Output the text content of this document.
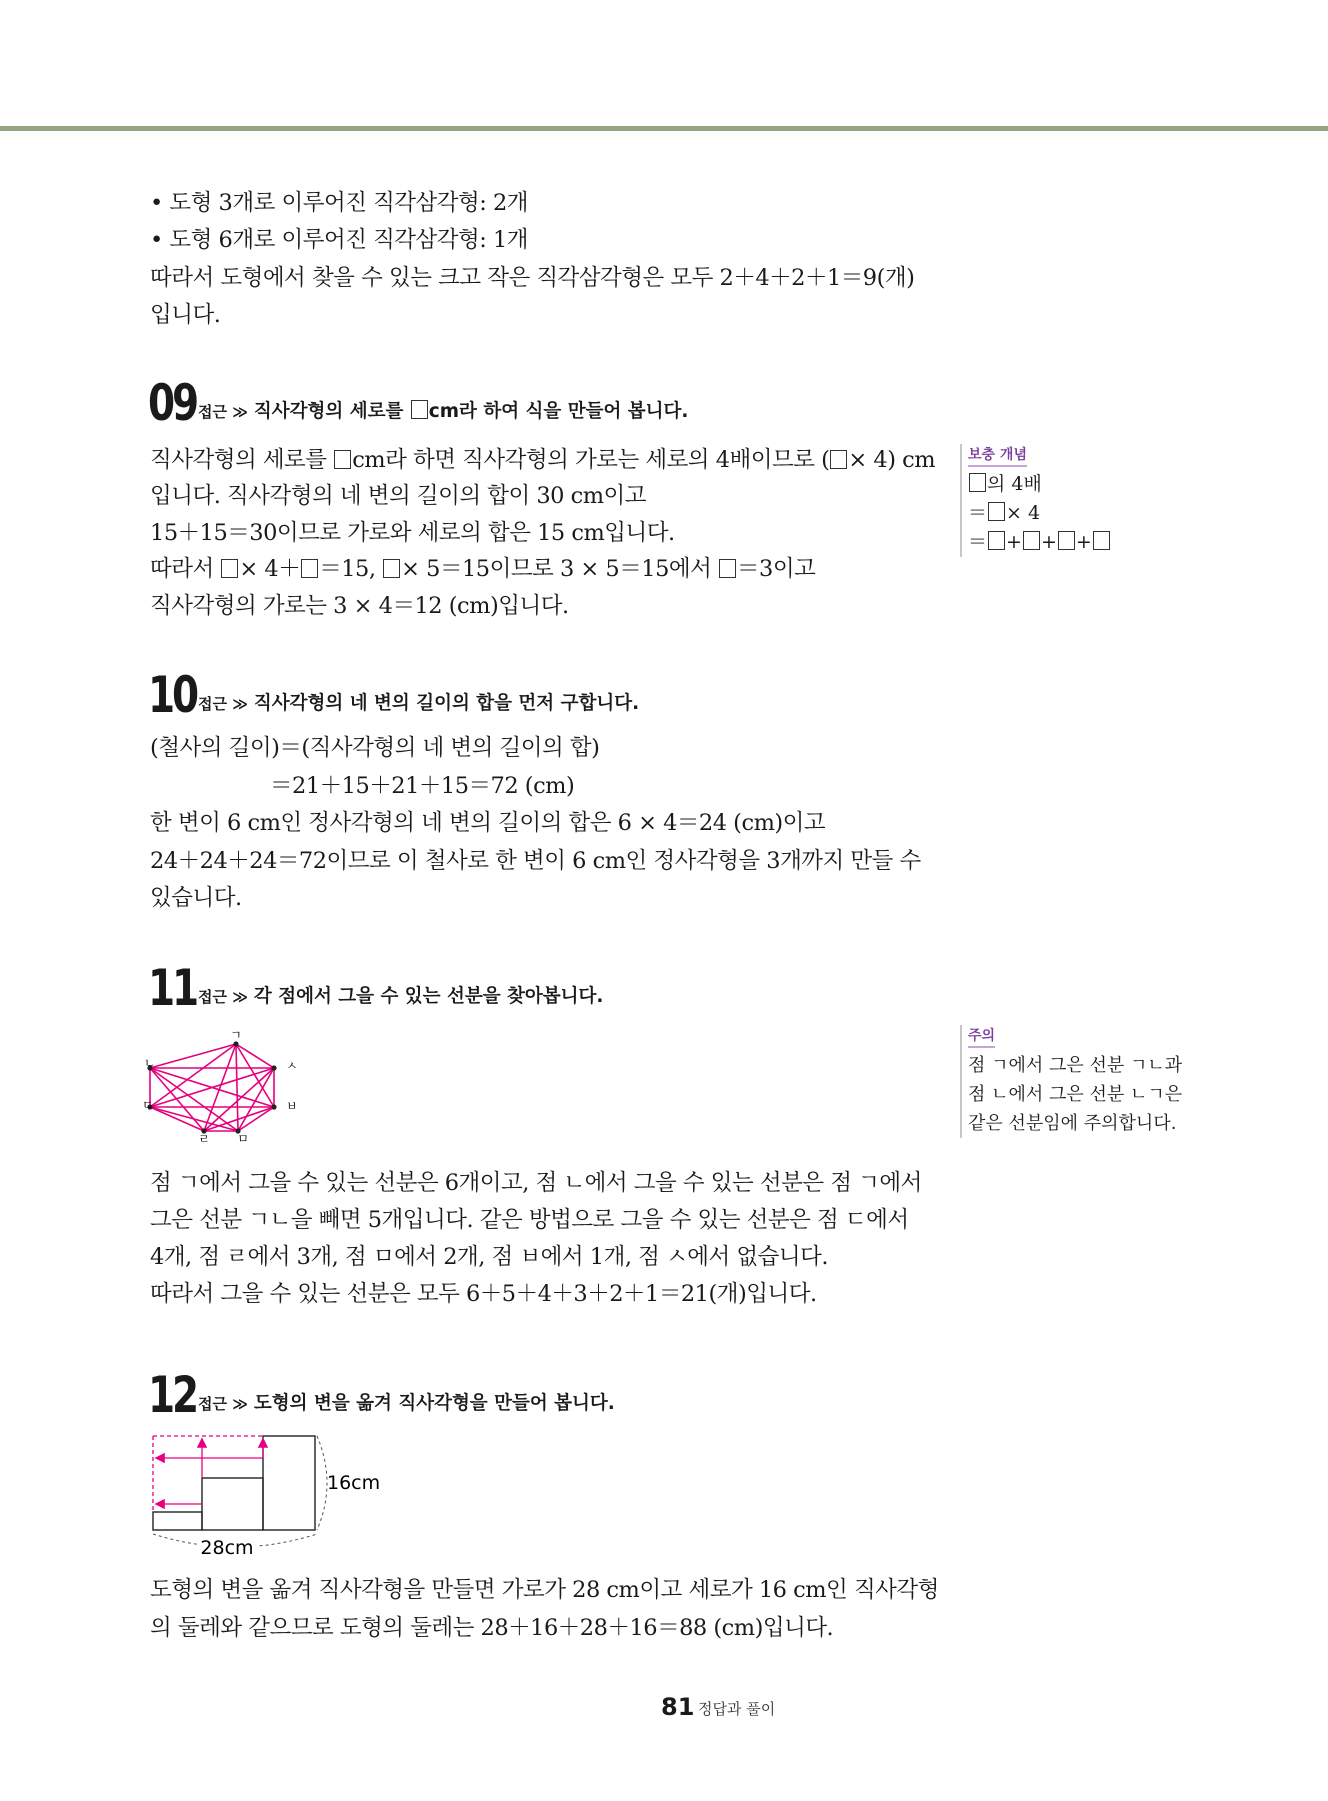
• 도형 3개로 이루어진 직각삼각형: 2개
• 도형 6개로 이루어진 직각삼각형: 1개
따라서 도형에서 찾을 수 있는 크고 작은 직각삼각형은 모두 2＋4＋2＋1＝9(개)
입니다.
09 접근 ≫ 직사각형의 세로를 cm라 하여 식을 만들어 봅니다.
직사각형의 세로를 cm라 하면 직사각형의 가로는 세로의 4배이므로 ( × 4) cm
입니다. 직사각형의 네 변의 길이의 합이 30 cm이고
15＋15＝30이므로 가로와 세로의 합은 15 cm입니다.
따라서 × 4＋ ＝15, × 5＝15이므로 3 × 5＝15에서 ＝3이고
직사각형의 가로는 3 × 4＝12 (cm)입니다.
보충 개념
의 4배
＝ × 4
＝ + + +
10 접근 ≫ 직사각형의 네 변의 길이의 합을 먼저 구합니다.
(철사의 길이)＝(직사각형의 네 변의 길이의 합)
＝21＋15＋21＋15＝72 (cm)
한 변이 6 cm인 정사각형의 네 변의 길이의 합은 6 × 4＝24 (cm)이고
24＋24＋24＝72이므로 이 철사로 한 변이 6 cm인 정사각형을 3개까지 만들 수
있습니다.
11 접근 ≫ 각 점에서 그을 수 있는 선분을 찾아봅니다.
ㄱ
ㄴ
ㄷ
ㄹ ㅁ
ㅂ
ㅅ
주의
점 ㄱ에서 그은 선분 ㄱㄴ과
점 ㄴ에서 그은 선분 ㄴㄱ은
같은 선분임에 주의합니다.
점 ㄱ에서 그을 수 있는 선분은 6개이고, 점 ㄴ에서 그을 수 있는 선분은 점 ㄱ에서
그은 선분 ㄱㄴ을 빼면 5개입니다. 같은 방법으로 그을 수 있는 선분은 점 ㄷ에서
4개, 점 ㄹ에서 3개, 점 ㅁ에서 2개, 점 ㅂ에서 1개, 점 ㅅ에서 없습니다.
따라서 그을 수 있는 선분은 모두 6＋5＋4＋3＋2＋1＝21(개)입니다.
12 접근 ≫ 도형의 변을 옮겨 직사각형을 만들어 봅니다.
16cm
28cm
도형의 변을 옮겨 직사각형을 만들면 가로가 28 cm이고 세로가 16 cm인 직사각형
의 둘레와 같으므로 도형의 둘레는 28＋16＋28＋16＝88 (cm)입니다.
81 정답과 풀이
